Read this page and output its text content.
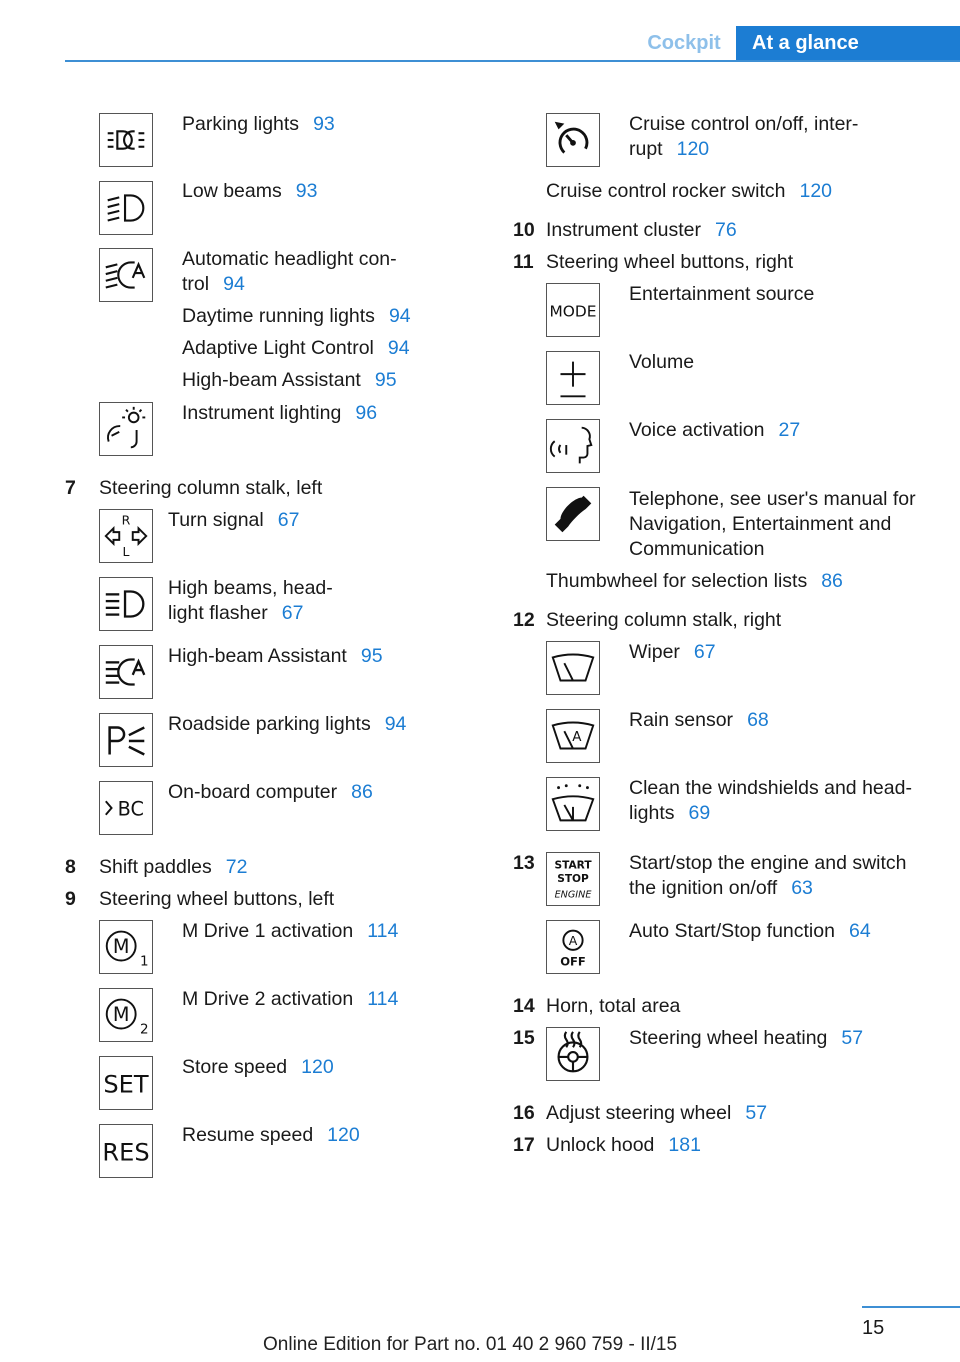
Cockpit	At a glance
Parking lights 93
Low beams 93
Automatic headlight con-
trol 94
Daytime running lights 94
Adaptive Light Control 94
High-beam Assistant 95
Instrument lighting 96
7 Steering column stalk, left
R
L
Turn signal 67
High beams, head-
light flasher 67
High-beam Assistant 95
Roadside parking lights 94
BC
On-board computer 86
8 Shift paddles 72
9 Steering wheel buttons, left
M
1
M Drive 1 activation 114
M
2
M Drive 2 activation 114
SET
Store speed 120
RES
Resume speed 120
Cruise control on/off, inter-
rupt 120
Cruise control rocker switch 120
10 Instrument cluster 76
11 Steering wheel buttons, right
MODE
Entertainment source
Volume
Voice activation 27
Telephone, see user's manual for
Navigation, Entertainment and
Communication
Thumbwheel for selection lists 86
12 Steering column stalk, right
Wiper 67
A
Rain sensor 68
Clean the windshields and head-
lights 69
13 START
STOP
ENGINE
Start/stop the engine and switch
the ignition on/off 63
A
OFF
Auto Start/Stop function 64
14 Horn, total area
15	Steering wheel heating 57
16 Adjust steering wheel 57
17 Unlock hood 181
15
Online Edition for Part no. 01 40 2 960 759 - II/15
